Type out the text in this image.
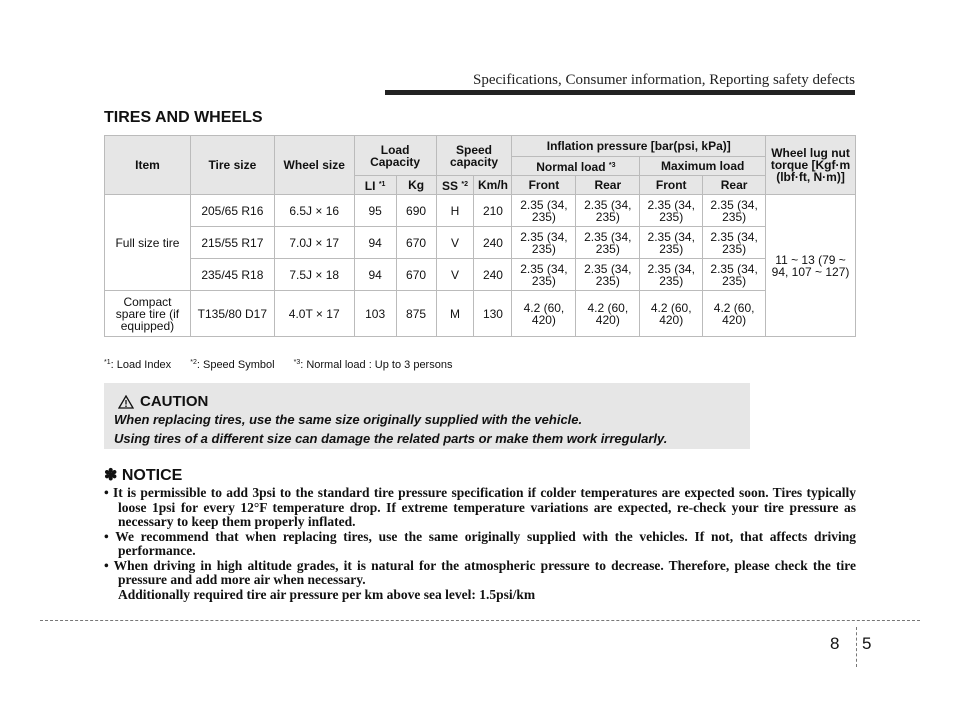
Specifications, Consumer information, Reporting safety defects
TIRES AND WHEELS
Item	Tire size	Wheel size	Load Capacity		Speed capacity		Inflation pressure [bar(psi, kPa)]				Wheel lug nut torque [Kgf·m (lbf·ft, N·m)]
							Normal load $^{*3}$		Maximum load		
			LI $^{*1}$	Kg	SS $^{*2}$	Km/h	Front	Rear	Front	Rear	
Full size tire	205/65 R16	6.5J × 16	95	690	H	210	2.35 (34, 235)	2.35 (34, 235)	2.35 (34, 235)	2.35 (34, 235)	11 ~ 13 (79 ~ 94, 107 ~ 127)
	215/55 R17	7.0J × 17	94	670	V	240	2.35 (34, 235)	2.35 (34, 235)	2.35 (34, 235)	2.35 (34, 235)	
	235/45 R18	7.5J × 18	94	670	V	240	2.35 (34, 235)	2.35 (34, 235)	2.35 (34, 235)	2.35 (34, 235)	
Compact spare tire (if equipped)	T135/80 D17	4.0T × 17	103	875	M	130	4.2 (60, 420)	4.2 (60, 420)	4.2 (60, 420)	4.2 (60, 420)	
$^{*1}$: Load Index	$^{*2}$: Speed Symbol	$^{*3}$: Normal load : Up to 3 persons
CAUTION
When replacing tires, use the same size originally supplied with the vehicle.
Using tires of a different size can damage the related parts or make them work irregularly.
✽ NOTICE
• It is permissible to add 3psi to the standard tire pressure specification if colder temperatures are expected soon. Tires typically loose 1psi for every 12°F temperature drop. If extreme temperature variations are expected, re-check your tire pressure as necessary to keep them properly inflated.
• We recommend that when replacing tires, use the same originally supplied with the vehicles. If not, that affects driving performance.
• When driving in high altitude grades, it is natural for the atmospheric pressure to decrease. Therefore, please check the tire pressure and add more air when necessary.
Additionally required tire air pressure per km above sea level: 1.5psi/km
8 5
